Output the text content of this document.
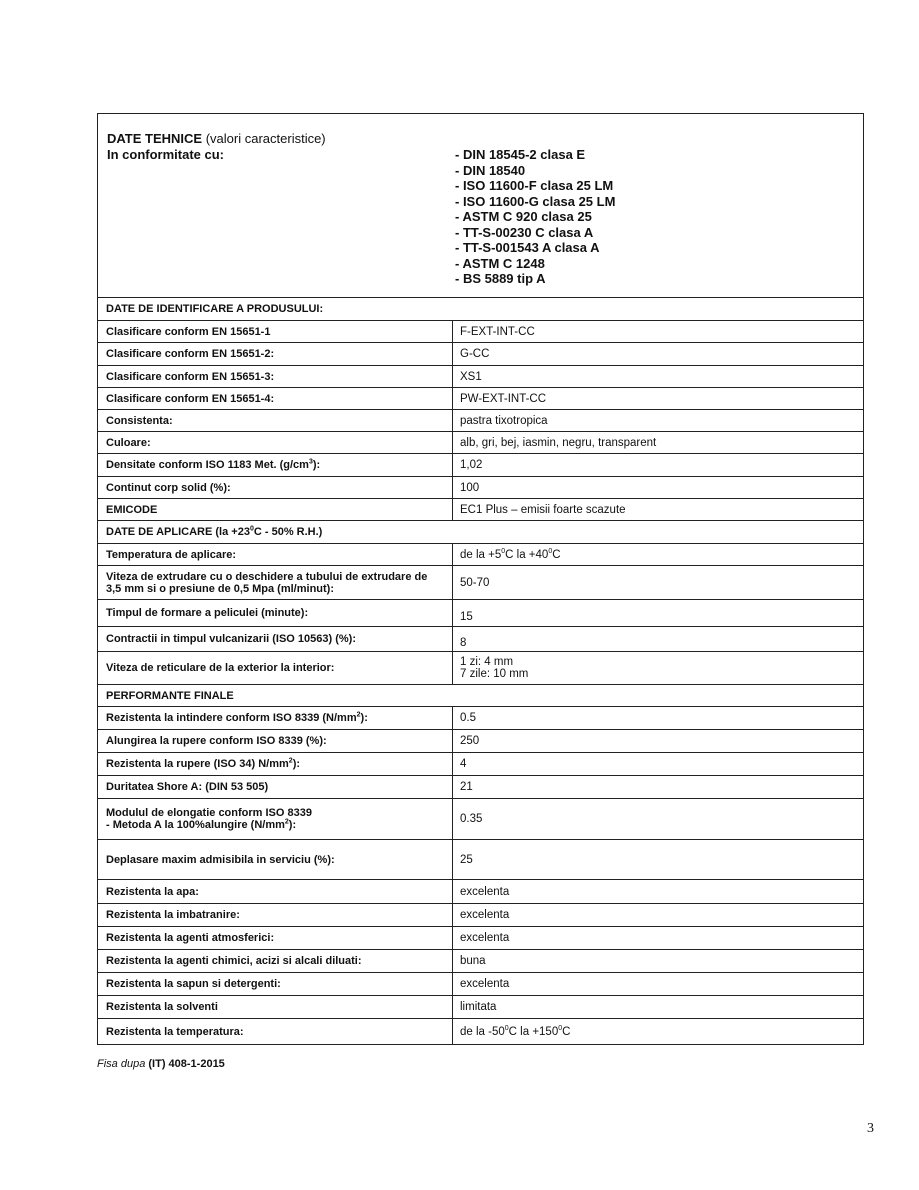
DATE TEHNICE (valori caracteristice)
In conformitate cu:	- DIN 18545-2 clasa E
- DIN 18540
- ISO 11600-F clasa 25 LM
- ISO 11600-G clasa 25 LM
- ASTM C 920 clasa 25
- TT-S-00230 C clasa A
- TT-S-001543 A clasa A
- ASTM C 1248
- BS 5889 tip A
DATE DE IDENTIFICARE A PRODUSULUI:
Clasificare conform EN 15651-1	F-EXT-INT-CC
Clasificare conform EN 15651-2:	G-CC
Clasificare conform EN 15651-3:	XS1
Clasificare conform EN 15651-4:	PW-EXT-INT-CC
Consistenta:	pastra tixotropica
Culoare:	alb, gri, bej, iasmin, negru, transparent
Densitate conform ISO 1183 Met. $(g/cm^3)$:	1,02
Continut corp solid (%):	100
EMICODE	EC1 Plus – emisii foarte scazute
DATE DE APLICARE ($la +23^0C - 50\%$ R.H.)
Temperatura de aplicare:	de la $+5^0C$ la $+40^0C$
Viteza de extrudare cu o deschidere a tubului de extrudare de 3,5 mm si o presiune de 0,5 Mpa (ml/minut):	50-70
Timpul de formare a peliculei (minute):	15
Contractii in timpul vulcanizarii (ISO 10563) (%):	8
Viteza de reticulare de la exterior la interior:	1 zi: 4 mm
7 zile: 10 mm
PERFORMANTE FINALE
Rezistenta la intindere conform ISO 8339 $(N/mm^2)$:	0.5
Alungirea la rupere conform ISO 8339 (%):	250
Rezistenta la rupere (ISO 34) $N/mm^2$):	4
Duritatea Shore A: (DIN 53 505)	21
Modulul de elongatie conform ISO 8339
- Metoda A la 100%alungire $(N/mm^2)$:	0.35
Deplasare maxim admisibila in serviciu (%):	25
Rezistenta la apa:	excelenta
Rezistenta la imbatranire:	excelenta
Rezistenta la agenti atmosferici:	excelenta
Rezistenta la agenti chimici, acizi si alcali diluati:	buna
Rezistenta la sapun si detergenti:	excelenta
Rezistenta la solventi	limitata
Rezistenta la temperatura:	de la $-50^0C$ la $+150^0C$
Fisa dupa (IT) 408-1-2015
3
